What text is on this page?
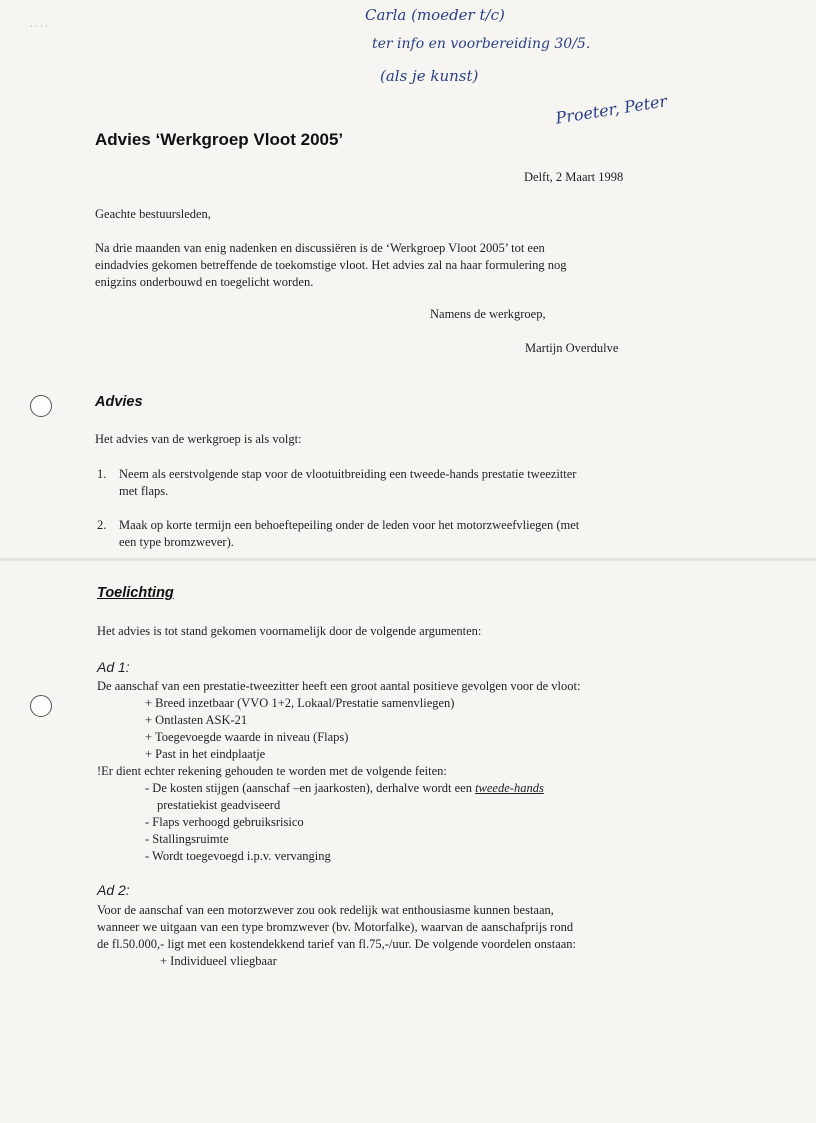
· · · ·
Carla (moeder t/c)
ter info en voorbereiding 30/5.
(als je kunst)
Proeter, Peter
Advies ‘Werkgroep Vloot 2005’
Delft, 2 Maart 1998
Geachte bestuursleden,
Na drie maanden van enig nadenken en discussiëren is de ‘Werkgroep Vloot 2005’ tot een
eindadvies gekomen betreffende de toekomstige vloot. Het advies zal na haar formulering nog
enigzins onderbouwd en toegelicht worden.
Namens de werkgroep,
Martijn Overdulve
Advies
Het advies van de werkgroep is als volgt:
1. Neem als eerstvolgende stap voor de vlootuitbreiding een tweede-hands prestatie tweezitter
met flaps.
2. Maak op korte termijn een behoeftepeiling onder de leden voor het motorzweefvliegen (met
een type bromzwever).
Toelichting
Het advies is tot stand gekomen voornamelijk door de volgende argumenten:
Ad 1:
De aanschaf van een prestatie-tweezitter heeft een groot aantal positieve gevolgen voor de vloot:
+ Breed inzetbaar (VVO 1+2, Lokaal/Prestatie samenvliegen)
+ Ontlasten ASK-21
+ Toegevoegde waarde in niveau (Flaps)
+ Past in het eindplaatje
!Er dient echter rekening gehouden te worden met de volgende feiten:
- De kosten stijgen (aanschaf –en jaarkosten), derhalve wordt een tweede-hands
prestatiekist geadviseerd
- Flaps verhoogd gebruiksrisico
- Stallingsruimte
- Wordt toegevoegd i.p.v. vervanging
Ad 2:
Voor de aanschaf van een motorzwever zou ook redelijk wat enthousiasme kunnen bestaan,
wanneer we uitgaan van een type bromzwever (bv. Motorfalke), waarvan de aanschafprijs rond
de fl.50.000,- ligt met een kostendekkend tarief van fl.75,-/uur. De volgende voordelen onstaan:
+ Individueel vliegbaar
